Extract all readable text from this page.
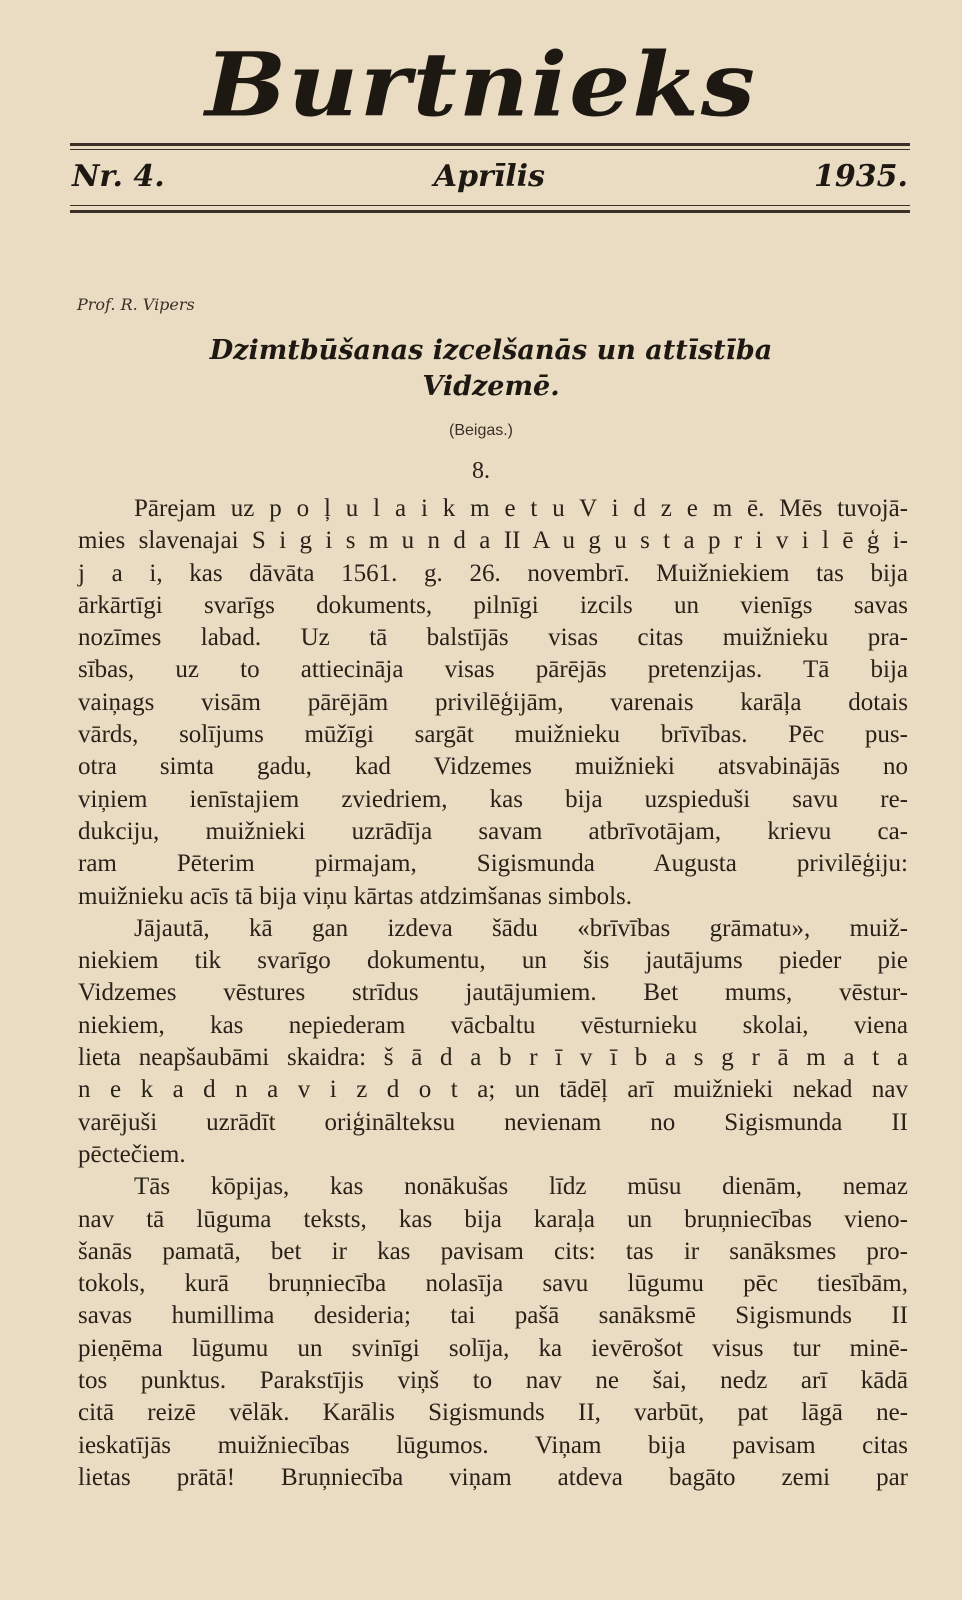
Burtnieks
Nr. 4.	Aprīlis	1935.
Prof. R. Vipers
Dzimtbūšanas izcelšanās un attīstība
Vidzemē.
(Beigas.)
8.
Pārejam uz p o ļ u l a i k m e t u V i d z e m ē. Mēs tuvojā-
mies slavenajai S i g i s m u n d a II A u g u s t a p r i v i l ē ģ i-
j a i, kas dāvāta 1561. g. 26. novembrī. Muižniekiem tas bija
ārkārtīgi svarīgs dokuments, pilnīgi izcils un vienīgs savas
nozīmes labad. Uz tā balstījās visas citas muižnieku pra-
sības, uz to attiecināja visas pārējās pretenzijas. Tā bija
vaiņags visām pārējām privilēģijām, varenais karāļa dotais
vārds, solījums mūžīgi sargāt muižnieku brīvības. Pēc pus-
otra simta gadu, kad Vidzemes muižnieki atsvabinājās no
viņiem ienīstajiem zviedriem, kas bija uzspieduši savu re-
dukciju, muižnieki uzrādīja savam atbrīvotājam, krievu ca-
ram Pēterim pirmajam, Sigismunda Augusta privilēģiju:
muižnieku acīs tā bija viņu kārtas atdzimšanas simbols.
Jājautā, kā gan izdeva šādu «brīvības grāmatu», muiž-
niekiem tik svarīgo dokumentu, un šis jautājums pieder pie
Vidzemes vēstures strīdus jautājumiem. Bet mums, vēstur-
niekiem, kas nepiederam vācbaltu vēsturnieku skolai, viena
lieta neapšaubāmi skaidra: š ā d a b r ī v ī b a s g r ā m a t a
n e k a d n a v i z d o t a; un tādēļ arī muižnieki nekad nav
varējuši uzrādīt oriģinālteksu nevienam no Sigismunda II
pēctečiem.
Tās kōpijas, kas nonākušas līdz mūsu dienām, nemaz
nav tā lūguma teksts, kas bija karaļa un bruņniecības vieno-
šanās pamatā, bet ir kas pavisam cits: tas ir sanāksmes pro-
tokols, kurā bruņniecība nolasīja savu lūgumu pēc tiesībām,
savas humillima desideria; tai pašā sanāksmē Sigismunds II
pieņēma lūgumu un svinīgi solīja, ka ievērošot visus tur minē-
tos punktus. Parakstījis viņš to nav ne šai, nedz arī kādā
citā reizē vēlāk. Karālis Sigismunds II, varbūt, pat lāgā ne-
ieskatījās muižniecības lūgumos. Viņam bija pavisam citas
lietas prātā! Bruņniecība viņam atdeva bagāto zemi par
